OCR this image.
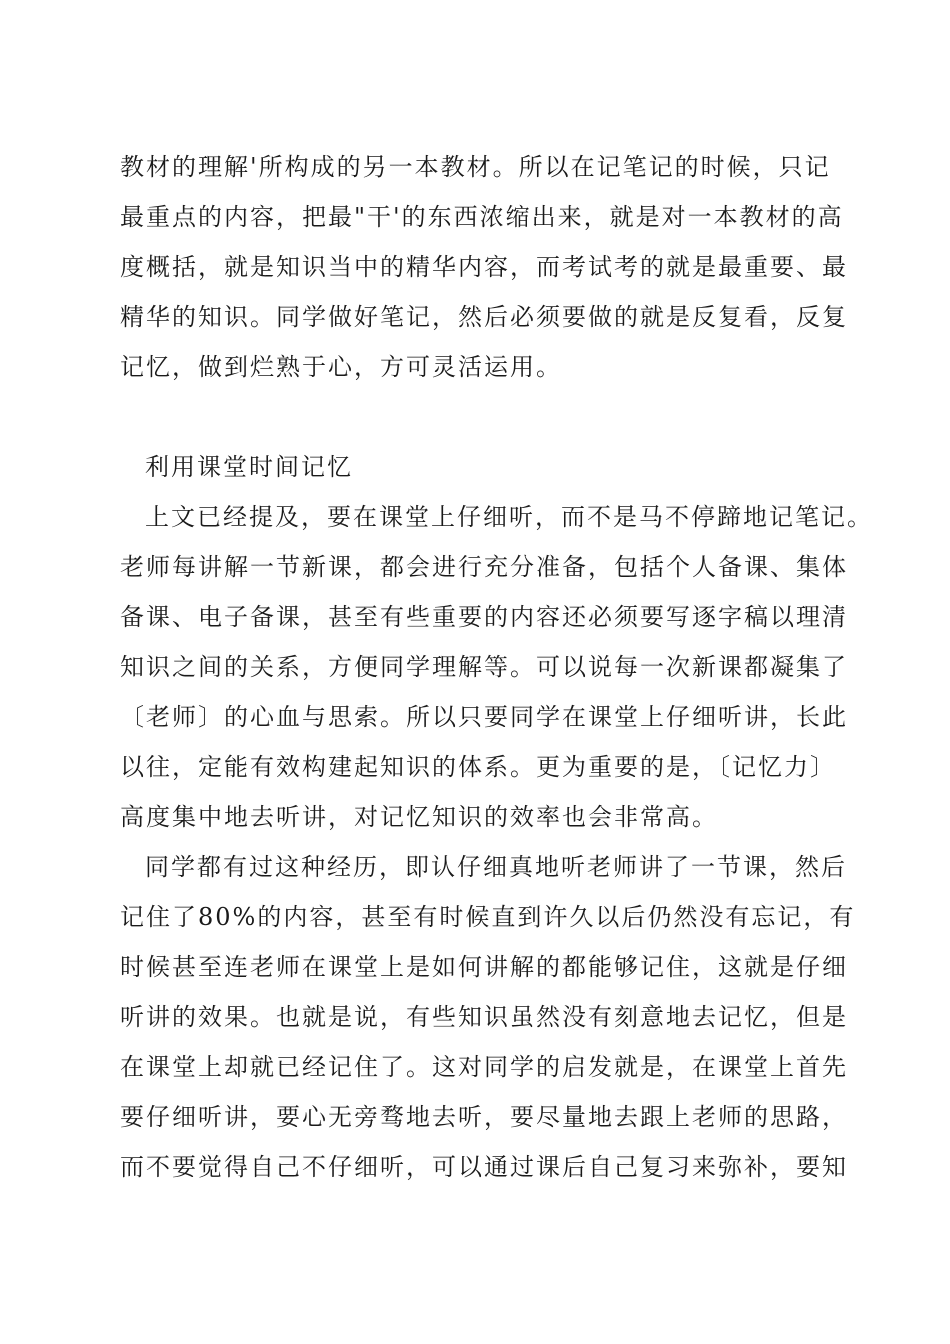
教材的理解'所构成的另一本教材。所以在记笔记的时候，只记
最重点的内容，把最"干'的东西浓缩出来，就是对一本教材的高
度概括，就是知识当中的精华内容，而考试考的就是最重要、最
精华的知识。同学做好笔记，然后必须要做的就是反复看，反复
记忆，做到烂熟于心，方可灵活运用。
利用课堂时间记忆
上文已经提及，要在课堂上仔细听，而不是马不停蹄地记笔记。
老师每讲解一节新课，都会进行充分准备，包括个人备课、集体
备课、电子备课，甚至有些重要的内容还必须要写逐字稿以理清
知识之间的关系，方便同学理解等。可以说每一次新课都凝集了
〔老师〕的心血与思索。所以只要同学在课堂上仔细听讲，长此
以往，定能有效构建起知识的体系。更为重要的是，〔记忆力〕
高度集中地去听讲，对记忆知识的效率也会非常高。
同学都有过这种经历，即认仔细真地听老师讲了一节课，然后
记住了80%的内容，甚至有时候直到许久以后仍然没有忘记，有
时候甚至连老师在课堂上是如何讲解的都能够记住，这就是仔细
听讲的效果。也就是说，有些知识虽然没有刻意地去记忆，但是
在课堂上却就已经记住了。这对同学的启发就是，在课堂上首先
要仔细听讲，要心无旁骛地去听，要尽量地去跟上老师的思路，
而不要觉得自己不仔细听，可以通过课后自己复习来弥补，要知
